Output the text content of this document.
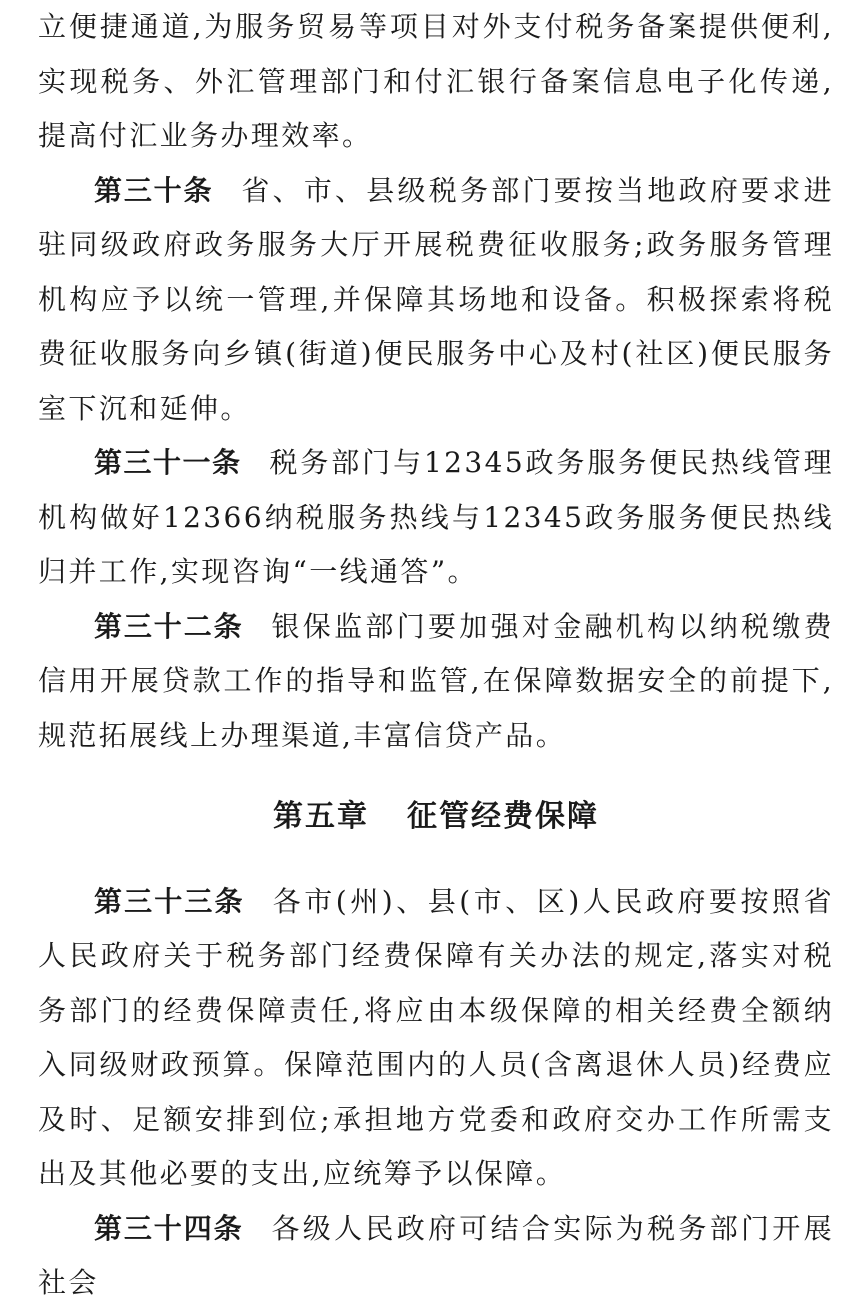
立便捷通道,为服务贸易等项目对外支付税务备案提供便利,实现税务、外汇管理部门和付汇银行备案信息电子化传递,提高付汇业务办理效率。

第三十条 省、市、县级税务部门要按当地政府要求进驻同级政府政务服务大厅开展税费征收服务;政务服务管理机构应予以统一管理,并保障其场地和设备。积极探索将税费征收服务向乡镇(街道)便民服务中心及村(社区)便民服务室下沉和延伸。

第三十一条 税务部门与12345政务服务便民热线管理机构做好12366纳税服务热线与12345政务服务便民热线归并工作,实现咨询“一线通答”。

第三十二条 银保监部门要加强对金融机构以纳税缴费信用开展贷款工作的指导和监管,在保障数据安全的前提下,规范拓展线上办理渠道,丰富信贷产品。

第五章 征管经费保障

第三十三条 各市(州)、县(市、区)人民政府要按照省人民政府关于税务部门经费保障有关办法的规定,落实对税务部门的经费保障责任,将应由本级保障的相关经费全额纳入同级财政预算。保障范围内的人员(含离退休人员)经费应及时、足额安排到位;承担地方党委和政府交办工作所需支出及其他必要的支出,应统筹予以保障。

第三十四条 各级人民政府可结合实际为税务部门开展社会
